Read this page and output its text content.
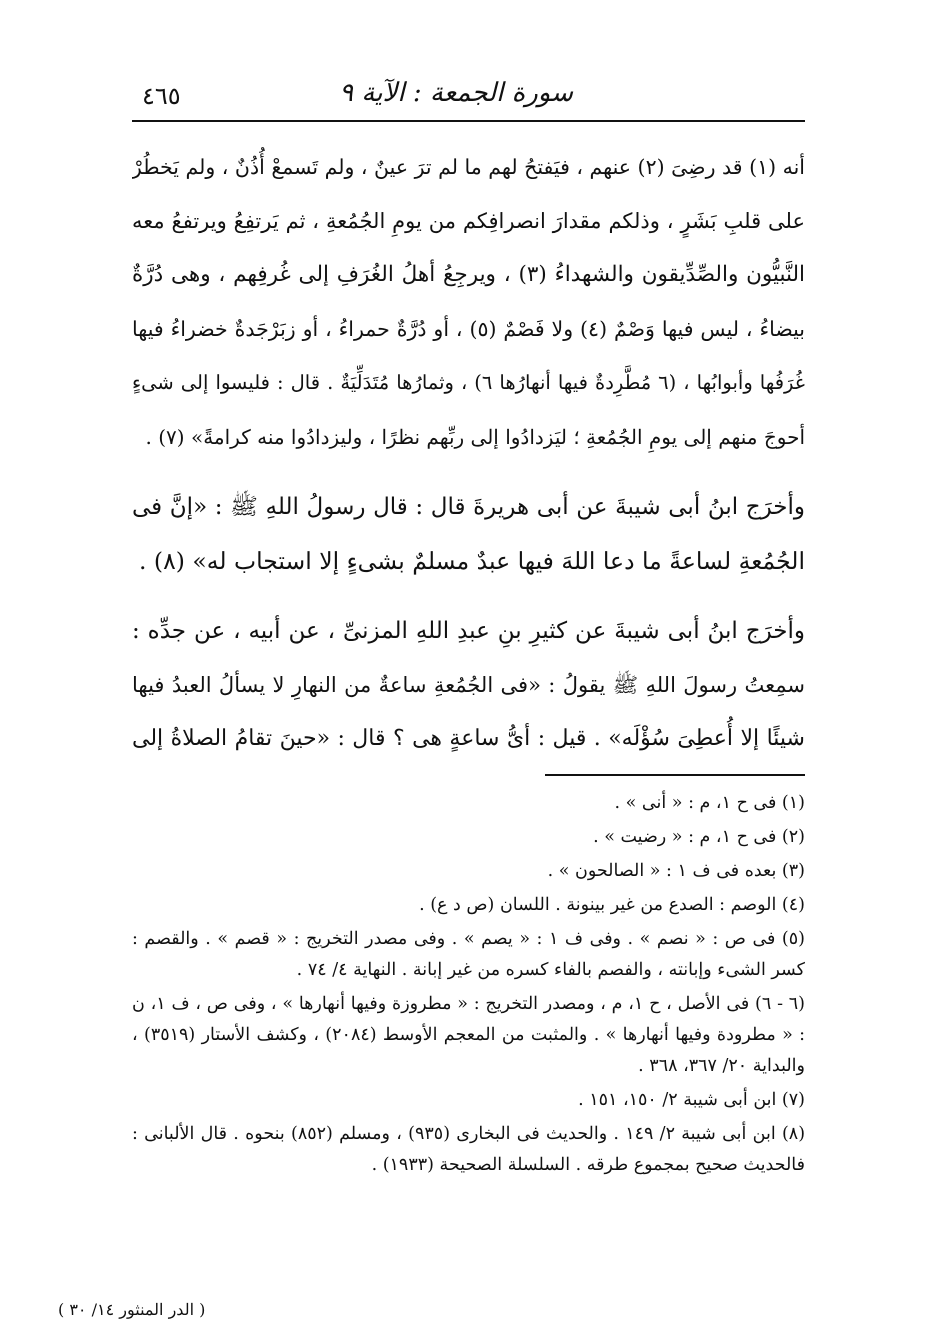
سورة الجمعة : الآية ٩
٤٦٥

أنه (١) قد رضِىَ (٢) عنهم ، فيَفتحُ لهم ما لم ترَ عينٌ ، ولم تَسمعْ أُذُنٌ ، ولم يَخطُرْ
على قلبِ بَشَرٍ ، وذلكم مقدارَ انصرافِكم من يومِ الجُمُعةِ ، ثم يَرتفِعُ ويرتفعُ معه
النَّبيُّون والصِّدِّيقون والشهداءُ (٣) ، ويرجِعُ أهلُ الغُرَفِ إلى غُرفِهم ، وهى دُرَّةٌ
بيضاءُ ، ليس فيها وَصْمٌ (٤) ولا فَصْمٌ (٥) ، أو دُرَّةٌ حمراءُ ، أو زبَرْجَدةٌ خضراءُ فيها
غُرَفُها وأبوابُها ، (٦ مُطَّرِدةٌ فيها أنهارُها ٦) ، وثمارُها مُتَدَلِّيَةٌ . قال : فليسوا إلى شىءٍ
أحوجَ منهم إلى يومِ الجُمُعةِ ؛ ليَزدادُوا إلى ربِّهم نظرًا ، وليزدادُوا منه كرامةً» (٧) .

وأخرَج ابنُ أبى شيبةَ عن أبى هريرةَ قال : قال رسولُ اللهِ ﷺ : «إنَّ فى
الجُمُعةِ لساعةً ما دعا اللهَ فيها عبدٌ مسلمٌ بشىءٍ إلا استجاب له» (٨) .

وأخرَج ابنُ أبى شيبةَ عن كثيرِ بنِ عبدِ اللهِ المزنىِّ ، عن أبيه ، عن جدِّه :
سمِعتُ رسولَ اللهِ ﷺ يقولُ : «فى الجُمُعةِ ساعةٌ من النهارِ لا يسألُ العبدُ فيها
شيئًا إلا أُعطِىَ سُؤْلَه» . قيل : أىُّ ساعةٍ هى ؟ قال : «حينَ تقامُ الصلاةُ إلى

(١) فى ح ١، م : « أنى » .

(٢) فى ح ١، م : « رضيت » .

(٣) بعده فى ف ١ : « الصالحون » .

(٤) الوصم : الصدع من غير بينونة . اللسان (ص د ع) .

(٥) فى ص : « نصم » . وفى ف ١ : « يصم » . وفى مصدر التخريج : « قصم » . والقصم : كسر الشىء وإبانته ، والفصم بالفاء كسره من غير إبانة . النهاية ٤/ ٧٤ .

(٦ - ٦) فى الأصل ، ح ١، م ، ومصدر التخريج : « مطروزة وفيها أنهارها » ، وفى ص ، ف ١، ن : « مطرودة وفيها أنهارها » . والمثبت من المعجم الأوسط (٢٠٨٤) ، وكشف الأستار (٣٥١٩) ، والبداية ٢٠/ ٣٦٧، ٣٦٨ .

(٧) ابن أبى شيبة ٢/ ١٥٠، ١٥١ .

(٨) ابن أبى شيبة ٢/ ١٤٩ . والحديث فى البخارى (٩٣٥) ، ومسلم (٨٥٢) بنحوه . قال الألبانى : فالحديث صحيح بمجموع طرقه . السلسلة الصحيحة (١٩٣٣) .

( الدر المنثور ١٤/ ٣٠ )
